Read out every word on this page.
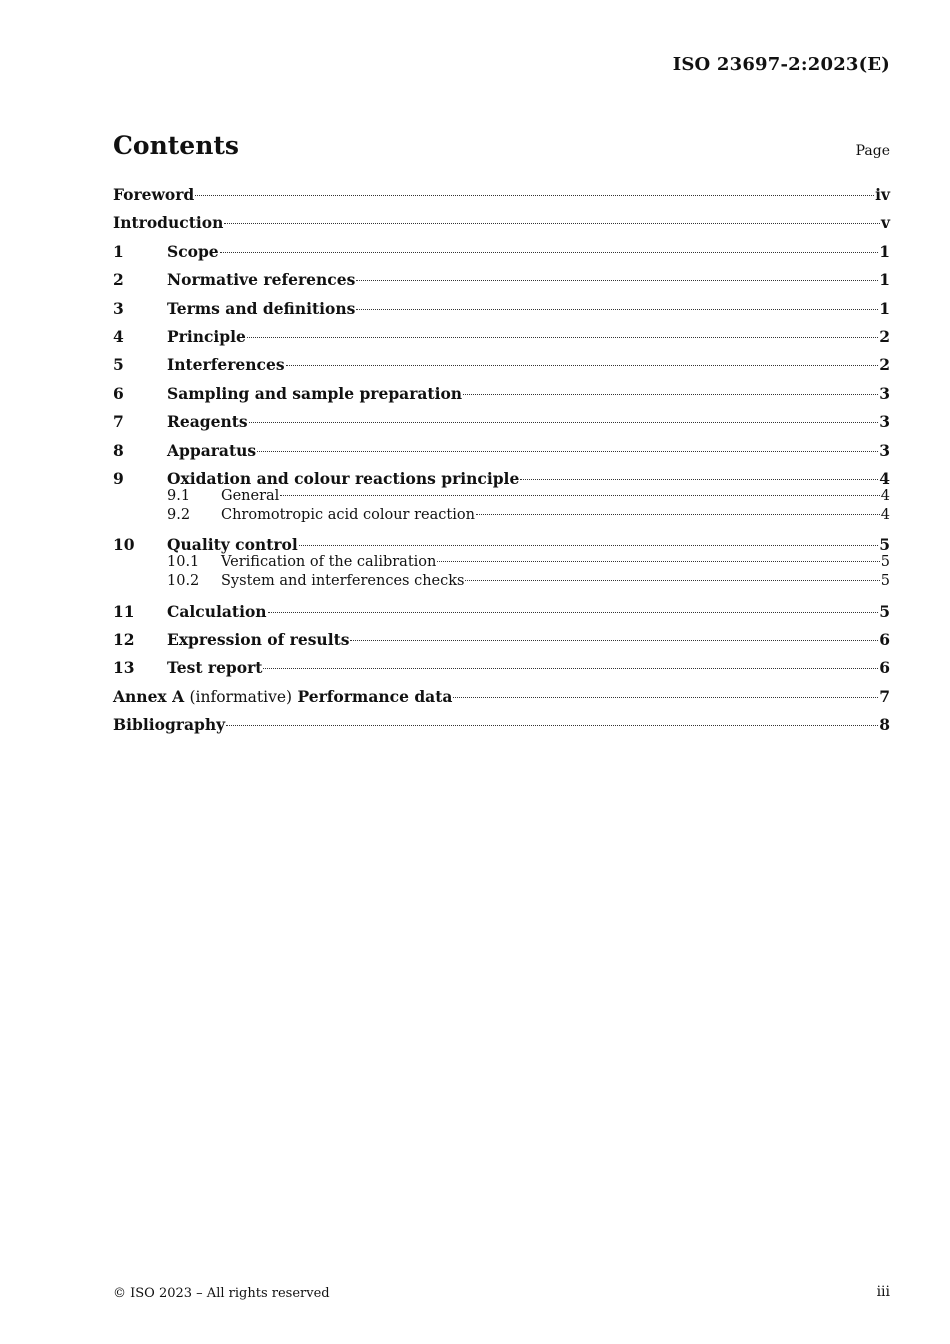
ISO 23697-2:2023(E)
Contents	Page
Foreword	iv
Introduction	v
1	Scope	1
2	Normative references	1
3	Terms and definitions	1
4	Principle	2
5	Interferences	2
6	Sampling and sample preparation	3
7	Reagents	3
8	Apparatus	3
9	Oxidation and colour reactions principle	4
9.1	General	4
9.2	Chromotropic acid colour reaction	4
10	Quality control	5
10.1	Verification of the calibration	5
10.2	System and interferences checks	5
11	Calculation	5
12	Expression of results	6
13	Test report	6
Annex A (informative) Performance data	7
Bibliography	8
© ISO 2023 – All rights reserved	iii
